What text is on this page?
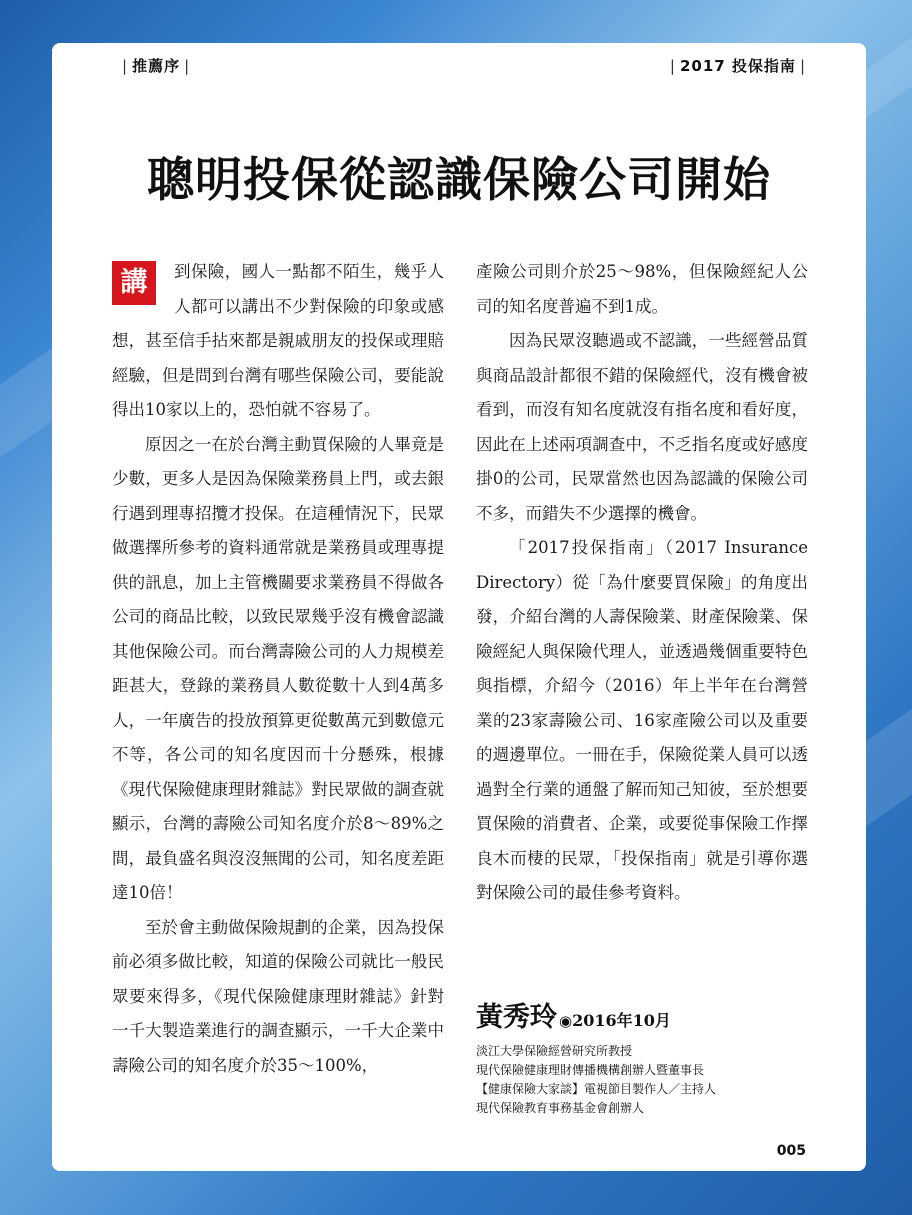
| 推薦序 |	| 2017 投保指南 |
聰明投保從認識保險公司開始

講	到保險，國人一點都不陌生，幾乎人人都可以講出不少對保險的印象或感想，甚至信手拈來都是親戚朋友的投保或理賠經驗，但是問到台灣有哪些保險公司，要能說得出10家以上的，恐怕就不容易了。

原因之一在於台灣主動買保險的人畢竟是少數，更多人是因為保險業務員上門，或去銀行遇到理專招攬才投保。在這種情況下，民眾做選擇所參考的資料通常就是業務員或理專提供的訊息，加上主管機關要求業務員不得做各公司的商品比較，以致民眾幾乎沒有機會認識其他保險公司。而台灣壽險公司的人力規模差距甚大，登錄的業務員人數從數十人到4萬多人，一年廣告的投放預算更從數萬元到數億元不等，各公司的知名度因而十分懸殊，根據《現代保險健康理財雜誌》對民眾做的調查就顯示，台灣的壽險公司知名度介於8～89%之間，最負盛名與沒沒無聞的公司，知名度差距達10倍！

至於會主動做保險規劃的企業，因為投保前必須多做比較，知道的保險公司就比一般民眾要來得多，《現代保險健康理財雜誌》針對一千大製造業進行的調查顯示，一千大企業中壽險公司的知名度介於35～100%，

產險公司則介於25～98%，但保險經紀人公司的知名度普遍不到1成。

因為民眾沒聽過或不認識，一些經營品質與商品設計都很不錯的保險經代，沒有機會被看到，而沒有知名度就沒有指名度和看好度，因此在上述兩項調查中，不乏指名度或好感度掛0的公司，民眾當然也因為認識的保險公司不多，而錯失不少選擇的機會。

「2017投保指南」（2017 Insurance Directory）從「為什麼要買保險」的角度出發，介紹台灣的人壽保險業、財產保險業、保險經紀人與保險代理人，並透過幾個重要特色與指標，介紹今（2016）年上半年在台灣營業的23家壽險公司、16家產險公司以及重要的週邊單位。一冊在手，保險從業人員可以透過對全行業的通盤了解而知己知彼，至於想要買保險的消費者、企業，或要從事保險工作擇良木而棲的民眾，「投保指南」就是引導你選對保險公司的最佳參考資料。

黃秀玲 ◉2016年10月
淡江大學保險經營研究所教授
現代保險健康理財傳播機構創辦人暨董事長
【健康保險大家談】電視節目製作人／主持人
現代保險教育事務基金會創辦人
005
